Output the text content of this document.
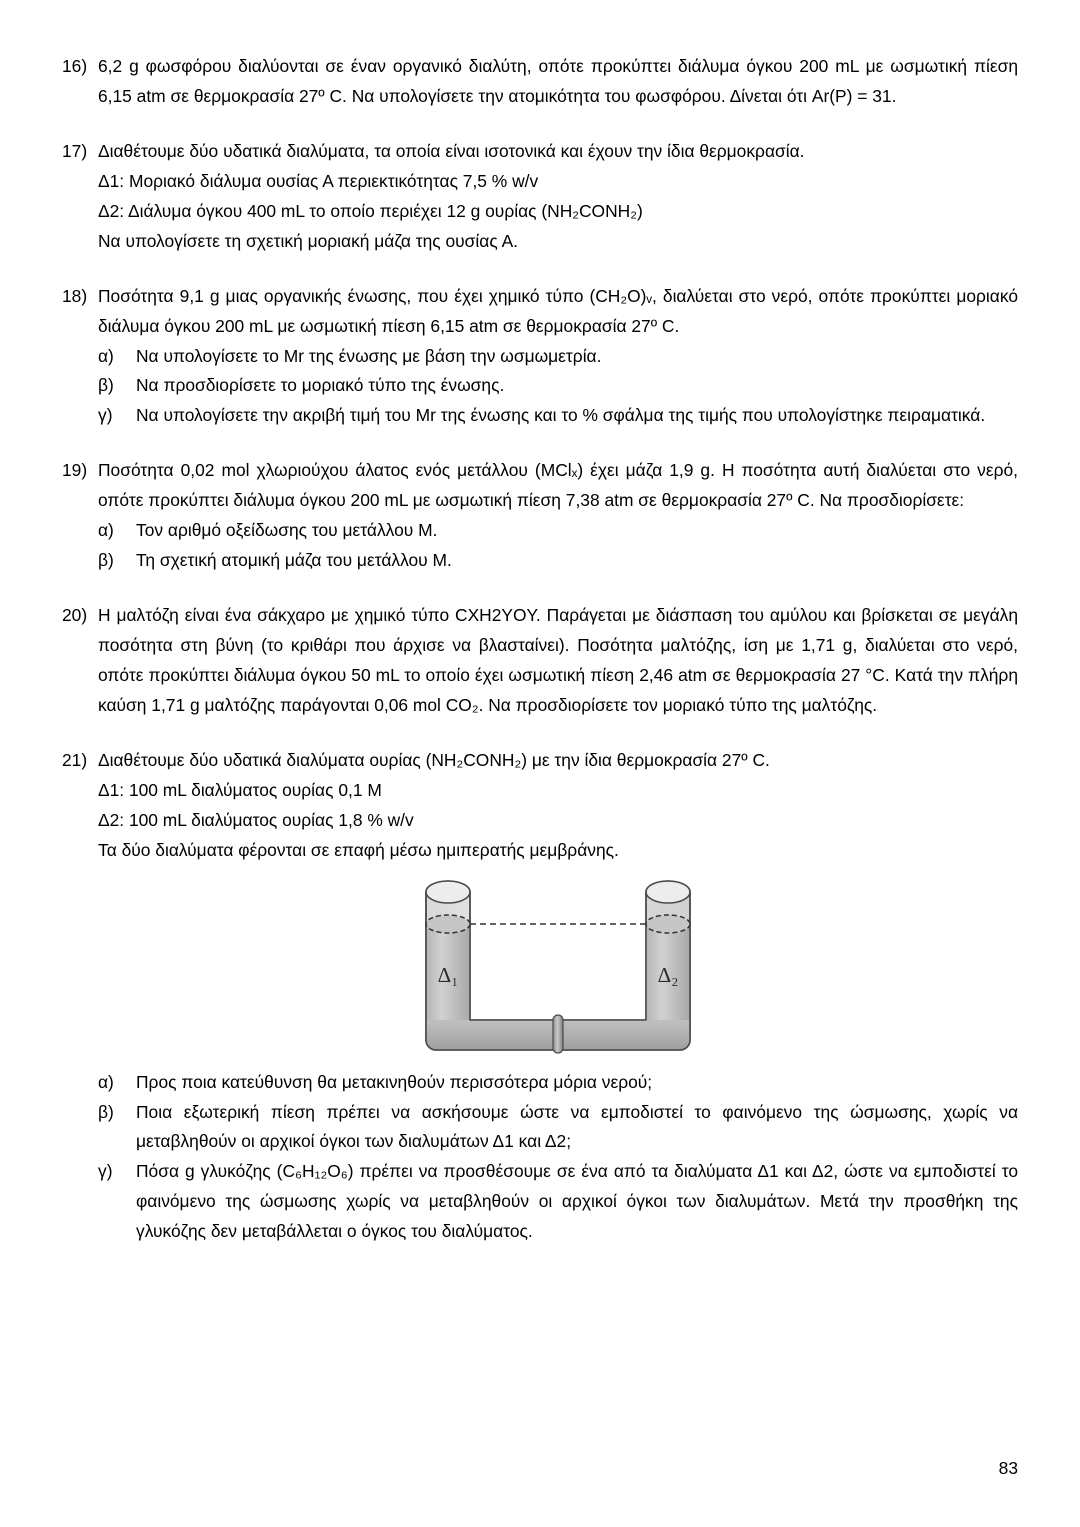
16) 6,2 g φωσφόρου διαλύονται σε έναν οργανικό διαλύτη, οπότε προκύπτει διάλυμα όγκου 200 mL με ωσμωτική πίεση 6,15 atm σε θερμοκρασία 27º C. Να υπολογίσετε την ατομικότητα του φωσφόρου. Δίνεται ότι Ar(P) = 31.
17) Διαθέτουμε δύο υδατικά διαλύματα, τα οποία είναι ισοτονικά και έχουν την ίδια θερμοκρασία.
Δ1: Μοριακό διάλυμα ουσίας Α περιεκτικότητας 7,5 % w/v
Δ2: Διάλυμα όγκου 400 mL το οποίο περιέχει 12 g ουρίας (NH₂CONH₂)
Να υπολογίσετε τη σχετική μοριακή μάζα της ουσίας Α.
18) Ποσότητα 9,1 g μιας οργανικής ένωσης, που έχει χημικό τύπο (CH₂O)ᵥ, διαλύεται στο νερό, οπότε προκύπτει μοριακό διάλυμα όγκου 200 mL με ωσμωτική πίεση 6,15 atm σε θερμοκρασία 27º C.
α)	Να υπολογίσετε το Mr της ένωσης με βάση την ωσμωμετρία.
β)	Να προσδιορίσετε το μοριακό τύπο της ένωσης.
γ)	Να υπολογίσετε την ακριβή τιμή του Mr της ένωσης και το % σφάλμα της τιμής που υπολογίστηκε πειραματικά.
19) Ποσότητα 0,02 mol χλωριούχου άλατος ενός μετάλλου (MClₓ) έχει μάζα 1,9 g. Η ποσότητα αυτή διαλύεται στο νερό, οπότε προκύπτει διάλυμα όγκου 200 mL με ωσμωτική πίεση 7,38 atm σε θερμοκρασία 27º C. Να προσδιορίσετε:
α)	Τον αριθμό οξείδωσης του μετάλλου Μ.
β)	Τη σχετική ατομική μάζα του μετάλλου Μ.
20) Η μαλτόζη είναι ένα σάκχαρο με χημικό τύπο CΧH2ΥOΥ. Παράγεται με διάσπαση του αμύλου και βρίσκεται σε μεγάλη ποσότητα στη βύνη (το κριθάρι που άρχισε να βλασταίνει). Ποσότητα μαλτόζης, ίση με 1,71 g, διαλύεται στο νερό, οπότε προκύπτει διάλυμα όγκου 50 mL το οποίο έχει ωσμωτική πίεση 2,46 atm σε θερμοκρασία 27 °C. Κατά την πλήρη καύση 1,71 g μαλτόζης παράγονται 0,06 mol CO₂. Να προσδιορίσετε τον μοριακό τύπο της μαλτόζης.
21) Διαθέτουμε δύο υδατικά διαλύματα ουρίας (NH₂CONH₂) με την ίδια θερμοκρασία 27º C.
Δ1: 100 mL διαλύματος ουρίας 0,1 Μ
Δ2: 100 mL διαλύματος ουρίας 1,8 % w/v
Τα δύο διαλύματα φέρονται σε επαφή μέσω ημιπερατής μεμβράνης.
Δ₁	Δ₂
α)	Προς ποια κατεύθυνση θα μετακινηθούν περισσότερα μόρια νερού;
β)	Ποια εξωτερική πίεση πρέπει να ασκήσουμε ώστε να εμποδιστεί το φαινόμενο της ώσμωσης, χωρίς να μεταβληθούν οι αρχικοί όγκοι των διαλυμάτων Δ1 και Δ2;
γ)	Πόσα g γλυκόζης (C₆H₁₂O₆) πρέπει να προσθέσουμε σε ένα από τα διαλύματα Δ1 και Δ2, ώστε να εμποδιστεί το φαινόμενο της ώσμωσης χωρίς να μεταβληθούν οι αρχικοί όγκοι των διαλυμάτων. Μετά την προσθήκη της γλυκόζης δεν μεταβάλλεται ο όγκος του διαλύματος.
83
